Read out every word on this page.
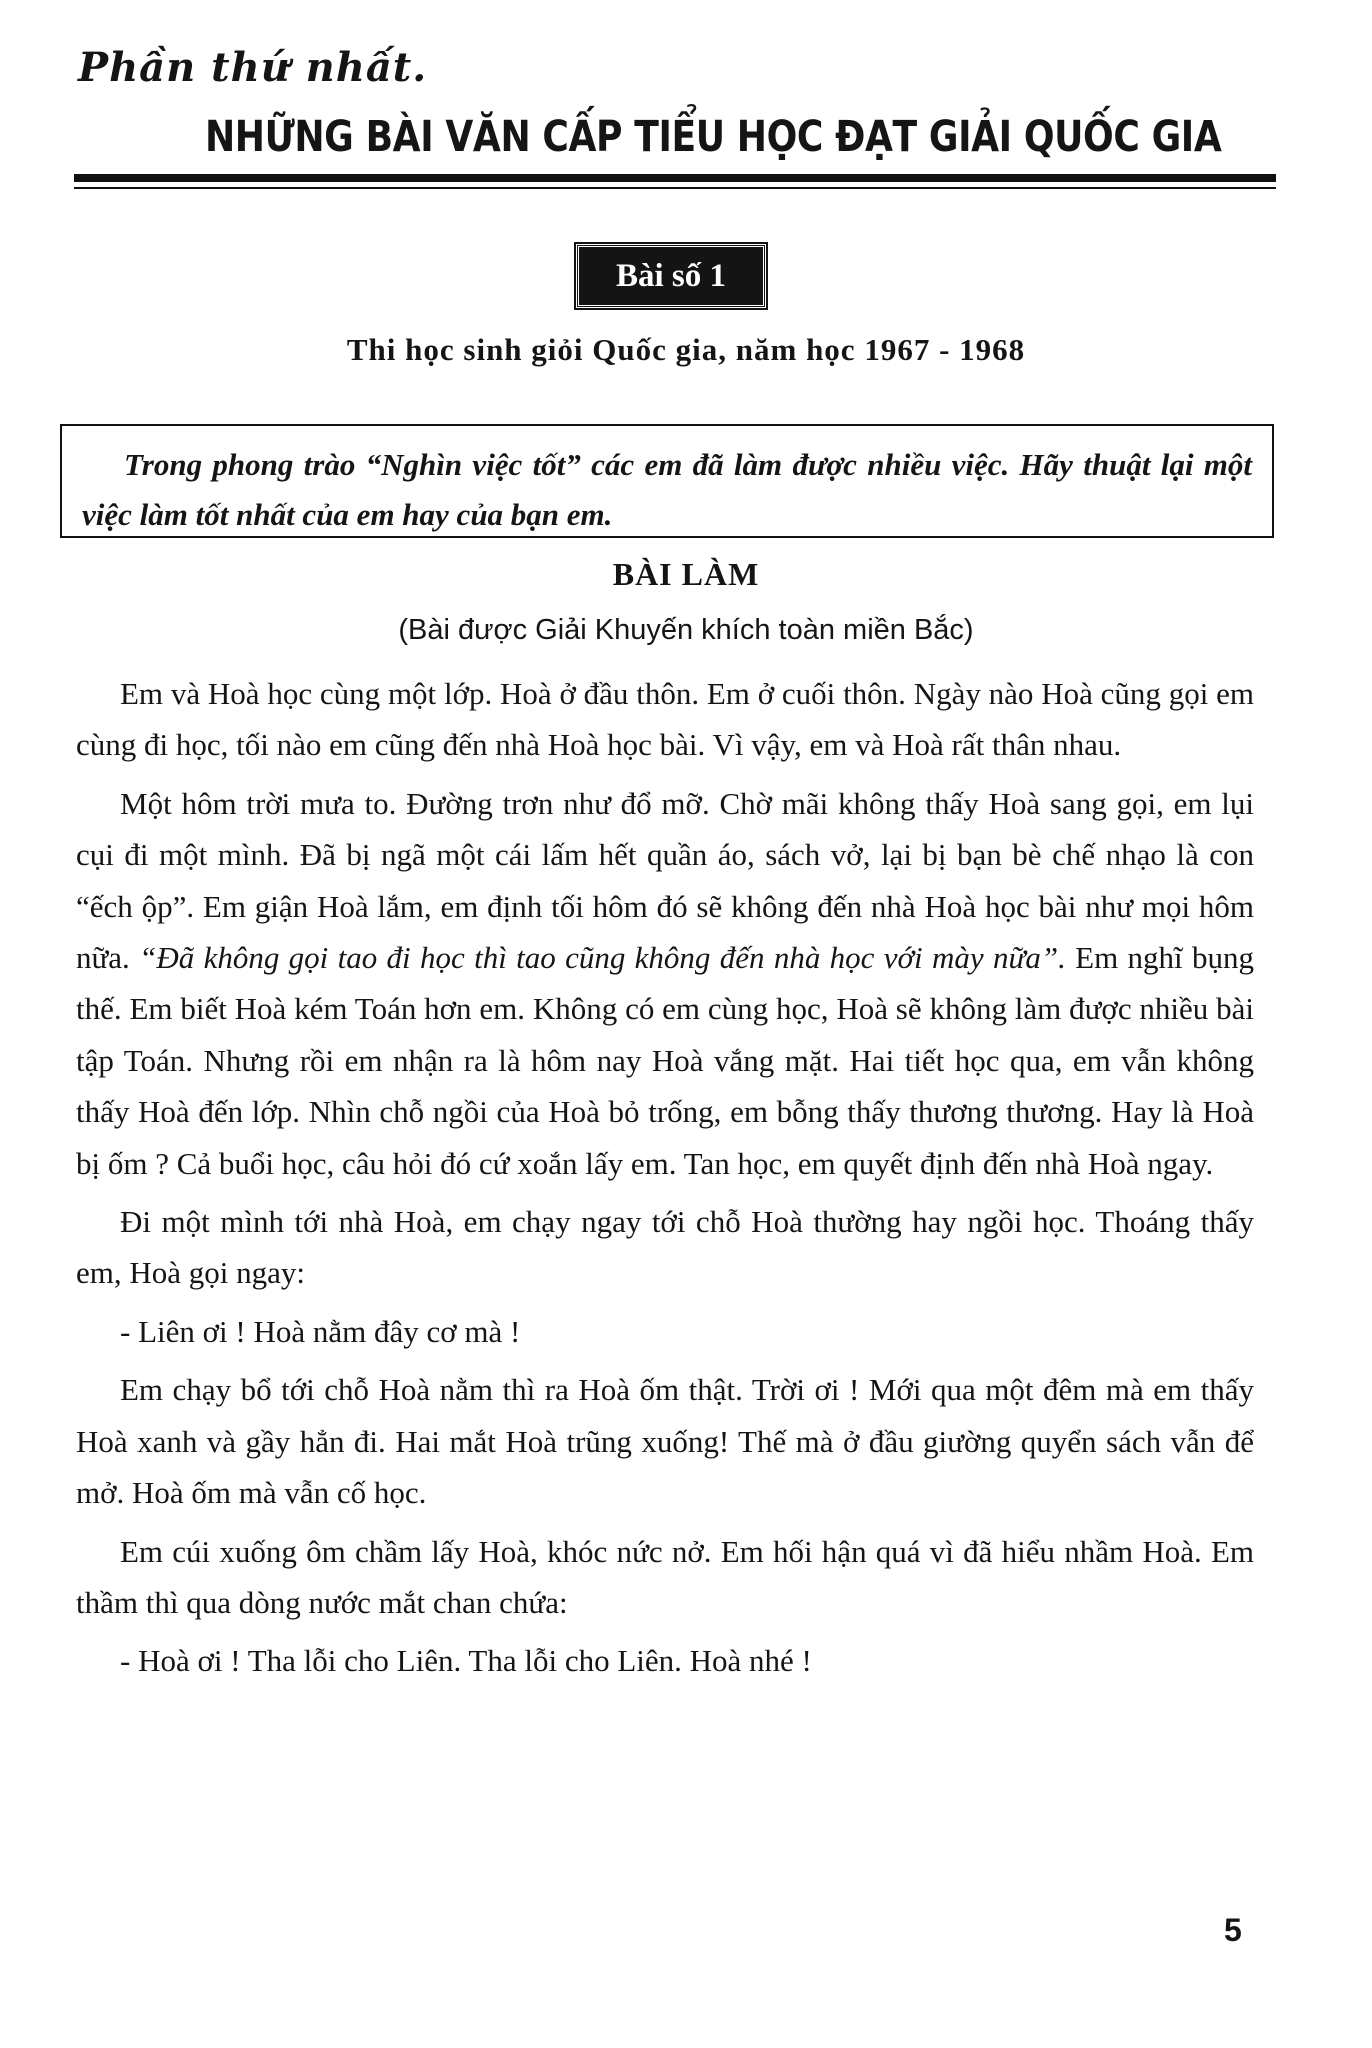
Phần thứ nhất.
NHỮNG BÀI VĂN CẤP TIỂU HỌC ĐẠT GIẢI QUỐC GIA
Bài số 1
Thi học sinh giỏi Quốc gia, năm học 1967 - 1968
Trong phong trào “Nghìn việc tốt” các em đã làm được nhiều việc. Hãy thuật lại một việc làm tốt nhất của em hay của bạn em.
BÀI LÀM
(Bài được Giải Khuyến khích toàn miền Bắc)

Em và Hoà học cùng một lớp. Hoà ở đầu thôn. Em ở cuối thôn. Ngày nào Hoà cũng gọi em cùng đi học, tối nào em cũng đến nhà Hoà học bài. Vì vậy, em và Hoà rất thân nhau.

Một hôm trời mưa to. Đường trơn như đổ mỡ. Chờ mãi không thấy Hoà sang gọi, em lụi cụi đi một mình. Đã bị ngã một cái lấm hết quần áo, sách vở, lại bị bạn bè chế nhạo là con “ếch ộp”. Em giận Hoà lắm, em định tối hôm đó sẽ không đến nhà Hoà học bài như mọi hôm nữa. “Đã không gọi tao đi học thì tao cũng không đến nhà học với mày nữa”. Em nghĩ bụng thế. Em biết Hoà kém Toán hơn em. Không có em cùng học, Hoà sẽ không làm được nhiều bài tập Toán. Nhưng rồi em nhận ra là hôm nay Hoà vắng mặt. Hai tiết học qua, em vẫn không thấy Hoà đến lớp. Nhìn chỗ ngồi của Hoà bỏ trống, em bỗng thấy thương thương. Hay là Hoà bị ốm ? Cả buổi học, câu hỏi đó cứ xoắn lấy em. Tan học, em quyết định đến nhà Hoà ngay.

Đi một mình tới nhà Hoà, em chạy ngay tới chỗ Hoà thường hay ngồi học. Thoáng thấy em, Hoà gọi ngay:

- Liên ơi ! Hoà nằm đây cơ mà !

Em chạy bổ tới chỗ Hoà nằm thì ra Hoà ốm thật. Trời ơi ! Mới qua một đêm mà em thấy Hoà xanh và gầy hẳn đi. Hai mắt Hoà trũng xuống! Thế mà ở đầu giường quyển sách vẫn để mở. Hoà ốm mà vẫn cố học.

Em cúi xuống ôm chầm lấy Hoà, khóc nức nở. Em hối hận quá vì đã hiểu nhầm Hoà. Em thầm thì qua dòng nước mắt chan chứa:

- Hoà ơi ! Tha lỗi cho Liên. Tha lỗi cho Liên. Hoà nhé !

5
